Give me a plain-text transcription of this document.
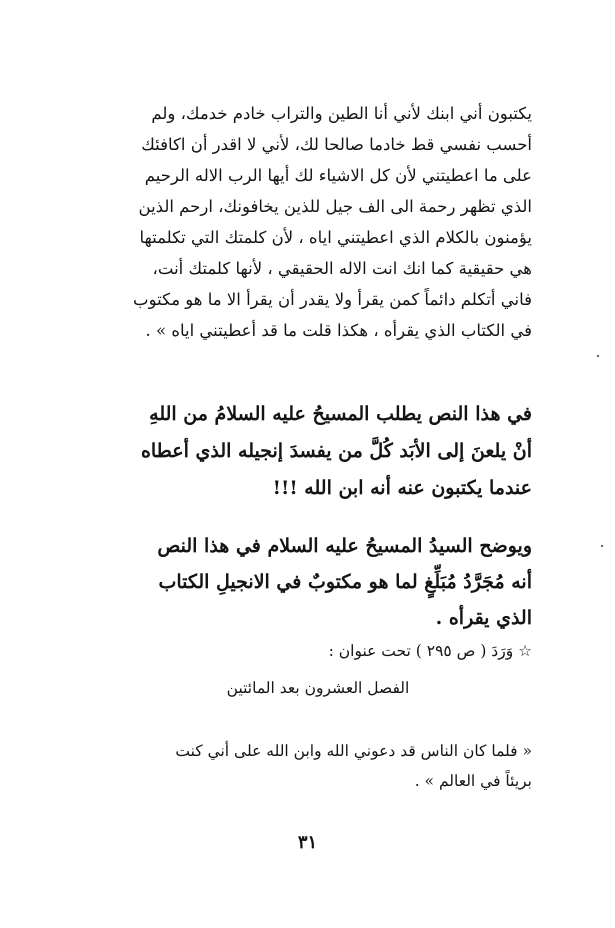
يكتبون أني ابنك لأني أنا الطين والتراب خادم خدمك، ولم
أحسب نفسي قط خادما صالحا لك، لأني لا اقدر أن اكافئك
على ما اعطيتني لأن كل الاشياء لك أيها الرب الاله الرحيم
الذي تظهر رحمة الى الف جيل للذين يخافونك، ارحم الذين
يؤمنون بالكلام الذي اعطيتني اياه ، لأن كلمتك التي تكلمتها
هي حقيقية كما انك انت الاله الحقيقي ، لأنها كلمتك أنت،
فاني أتكلم دائماً كمن يقرأ ولا يقدر أن يقرأ الا ما هو مكتوب
في الكتاب الذي يقرأه ، هكذا قلت ما قد أعطيتني اياه » .
في هذا النص يطلب المسيحُ عليه السلامُ من اللهِ
أنْ يلعنَ إلى الأبَد كُلَّ من يفسدَ إنجيله الذي أعطاه
عندما يكتبون عنه أنه ابن الله !!!
ويوضح السيدُ المسيحُ عليه السلام في هذا النص
أنه مُجَرَّدُ مُبَلِّغٍ لما هو مكتوبٌ في الانجيلِ الكتاب
الذي يقرأه .
☆ وَرَدَ ( ص ٢٩٥ ) تحت عنوان :
الفصل العشرون بعد المائتين
« فلما كان الناس قد دعوني الله وابن الله على أني كنت
بريئاً في العالم » .
٣١
